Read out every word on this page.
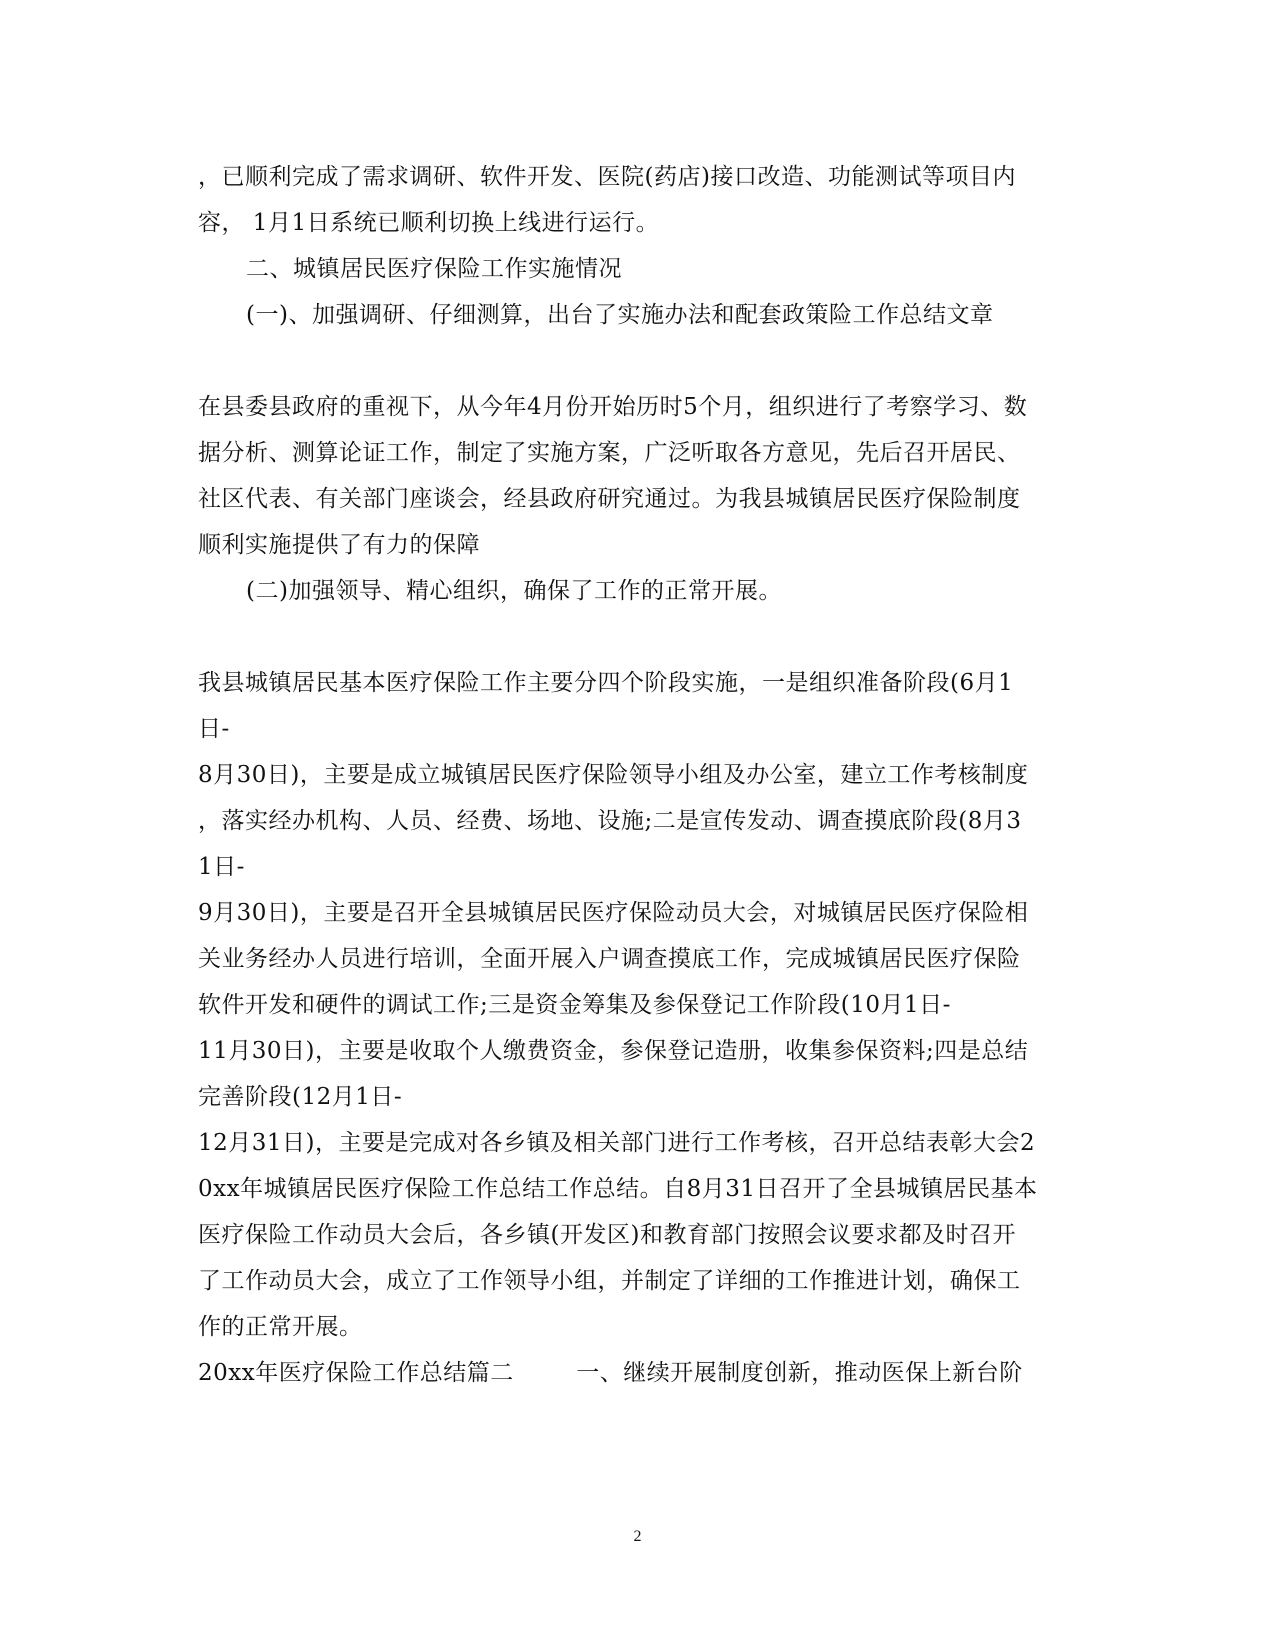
，已顺利完成了需求调研、软件开发、医院(药店)接口改造、功能测试等项目内
容， 1月1日系统已顺利切换上线进行运行。
二、城镇居民医疗保险工作实施情况
(一)、加强调研、仔细测算，出台了实施办法和配套政策险工作总结文章
在县委县政府的重视下，从今年4月份开始历时5个月，组织进行了考察学习、数
据分析、测算论证工作，制定了实施方案，广泛听取各方意见，先后召开居民、
社区代表、有关部门座谈会，经县政府研究通过。为我县城镇居民医疗保险制度
顺利实施提供了有力的保障
(二)加强领导、精心组织，确保了工作的正常开展。
我县城镇居民基本医疗保险工作主要分四个阶段实施，一是组织准备阶段(6月1
日-
8月30日)，主要是成立城镇居民医疗保险领导小组及办公室，建立工作考核制度
，落实经办机构、人员、经费、场地、设施;二是宣传发动、调查摸底阶段(8月3
1日-
9月30日)，主要是召开全县城镇居民医疗保险动员大会，对城镇居民医疗保险相
关业务经办人员进行培训，全面开展入户调查摸底工作，完成城镇居民医疗保险
软件开发和硬件的调试工作;三是资金筹集及参保登记工作阶段(10月1日-
11月30日)，主要是收取个人缴费资金，参保登记造册，收集参保资料;四是总结
完善阶段(12月1日-
12月31日)，主要是完成对各乡镇及相关部门进行工作考核，召开总结表彰大会2
0xx年城镇居民医疗保险工作总结工作总结。自8月31日召开了全县城镇居民基本
医疗保险工作动员大会后，各乡镇(开发区)和教育部门按照会议要求都及时召开
了工作动员大会，成立了工作领导小组，并制定了详细的工作推进计划，确保工
作的正常开展。
20xx年医疗保险工作总结篇二        一、继续开展制度创新，推动医保上新台阶
2
